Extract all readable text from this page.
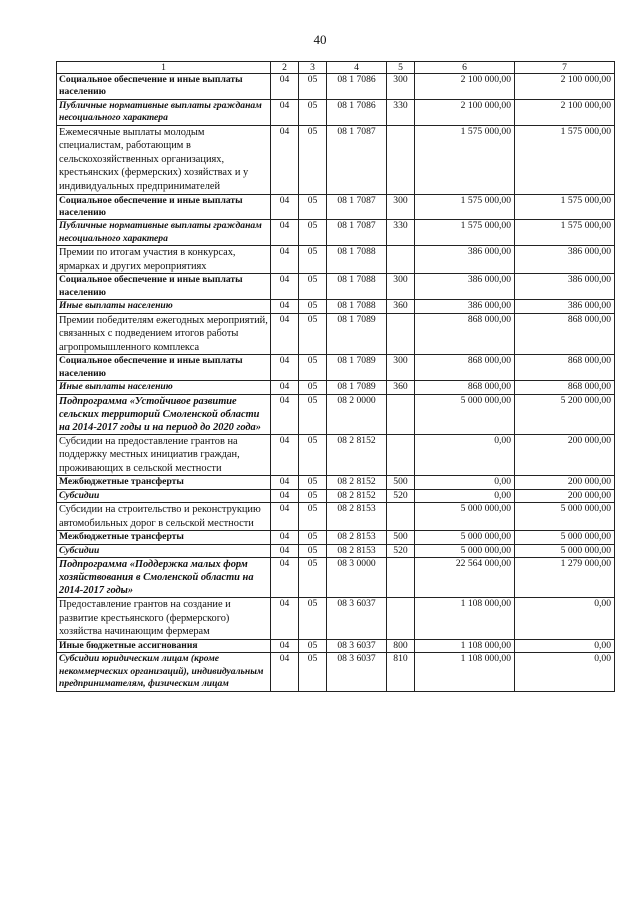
40
1	2	3	4	5	6	7
Социальное обеспечение и иные выплаты населению	04	05	08 1 7086	300	2 100 000,00	2 100 000,00
Публичные нормативные выплаты гражданам несоциального характера	04	05	08 1 7086	330	2 100 000,00	2 100 000,00
Ежемесячные выплаты молодым специалистам, работающим в сельскохозяйственных организациях, крестьянских (фермерских) хозяйствах и у индивидуальных предпринимателей	04	05	08 1 7087		1 575 000,00	1 575 000,00
Социальное обеспечение и иные выплаты населению	04	05	08 1 7087	300	1 575 000,00	1 575 000,00
Публичные нормативные выплаты гражданам несоциального характера	04	05	08 1 7087	330	1 575 000,00	1 575 000,00
Премии по итогам участия в конкурсах, ярмарках и других мероприятиях	04	05	08 1 7088		386 000,00	386 000,00
Социальное обеспечение и иные выплаты населению	04	05	08 1 7088	300	386 000,00	386 000,00
Иные выплаты населению	04	05	08 1 7088	360	386 000,00	386 000,00
Премии победителям ежегодных мероприятий, связанных с подведением итогов работы агропромышленного комплекса	04	05	08 1 7089		868 000,00	868 000,00
Социальное обеспечение и иные выплаты населению	04	05	08 1 7089	300	868 000,00	868 000,00
Иные выплаты населению	04	05	08 1 7089	360	868 000,00	868 000,00
Подпрограмма «Устойчивое развитие сельских территорий Смоленской области на 2014-2017 годы и на период до 2020 года»	04	05	08 2 0000		5 000 000,00	5 200 000,00
Субсидии на предоставление грантов на поддержку местных инициатив граждан, проживающих в сельской местности	04	05	08 2 8152		0,00	200 000,00
Межбюджетные трансферты	04	05	08 2 8152	500	0,00	200 000,00
Субсидии	04	05	08 2 8152	520	0,00	200 000,00
Субсидии на строительство и реконструкцию автомобильных дорог в сельской местности	04	05	08 2 8153		5 000 000,00	5 000 000,00
Межбюджетные трансферты	04	05	08 2 8153	500	5 000 000,00	5 000 000,00
Субсидии	04	05	08 2 8153	520	5 000 000,00	5 000 000,00
Подпрограмма «Поддержка малых форм хозяйствования в Смоленской области на 2014-2017 годы»	04	05	08 3 0000		22 564 000,00	1 279 000,00
Предоставление грантов на создание и развитие крестьянского (фермерского) хозяйства начинающим фермерам	04	05	08 3 6037		1 108 000,00	0,00
Иные бюджетные ассигнования	04	05	08 3 6037	800	1 108 000,00	0,00
Субсидии юридическим лицам (кроме некоммерческих организаций), индивидуальным предпринимателям, физическим лицам	04	05	08 3 6037	810	1 108 000,00	0,00
